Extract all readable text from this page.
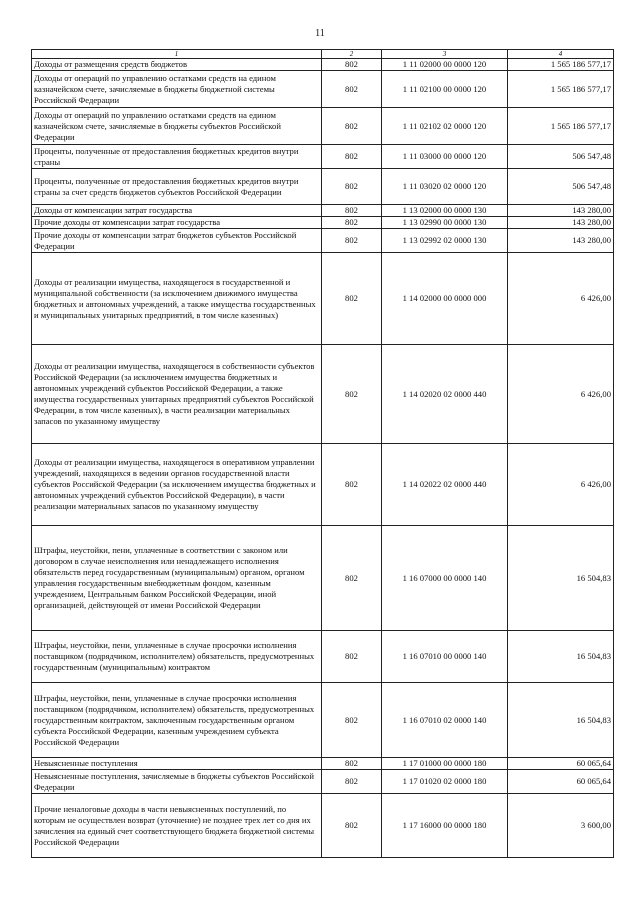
11
1	2	3	4
Доходы от размещения средств бюджетов	802	1 11 02000 00 0000 120	1 565 186 577,17
Доходы от операций по управлению остатками средств на едином казначейском счете, зачисляемые в бюджеты бюджетной системы Российской Федерации	802	1 11 02100 00 0000 120	1 565 186 577,17
Доходы от операций по управлению остатками средств на едином казначейском счете, зачисляемые в бюджеты субъектов Российской Федерации	802	1 11 02102 02 0000 120	1 565 186 577,17
Проценты, полученные от предоставления бюджетных кредитов внутри страны	802	1 11 03000 00 0000 120	506 547,48
Проценты, полученные от предоставления бюджетных кредитов внутри страны за счет средств бюджетов субъектов Российской Федерации	802	1 11 03020 02 0000 120	506 547,48
Доходы от компенсации затрат государства	802	1 13 02000 00 0000 130	143 280,00
Прочие доходы от компенсации затрат государства	802	1 13 02990 00 0000 130	143 280,00
Прочие доходы от компенсации затрат бюджетов субъектов Российской Федерации	802	1 13 02992 02 0000 130	143 280,00
Доходы от реализации имущества, находящегося в государственной и муниципальной собственности (за исключением движимого имущества бюджетных и автономных учреждений, а также имущества государственных и муниципальных унитарных предприятий, в том числе казенных)	802	1 14 02000 00 0000 000	6 426,00
Доходы от реализации имущества, находящегося в собственности субъектов Российской Федерации (за исключением имущества бюджетных и автономных учреждений субъектов Российской Федерации, а также имущества государственных унитарных предприятий субъектов Российской Федерации, в том числе казенных), в части реализации материальных запасов по указанному имуществу	802	1 14 02020 02 0000 440	6 426,00
Доходы от реализации имущества, находящегося в оперативном управлении учреждений, находящихся в ведении органов государственной власти субъектов Российской Федерации (за исключением имущества бюджетных и автономных учреждений субъектов Российской Федерации), в части реализации материальных запасов по указанному имуществу	802	1 14 02022 02 0000 440	6 426,00
Штрафы, неустойки, пени, уплаченные в соответствии с законом или договором в случае неисполнения или ненадлежащего исполнения обязательств перед государственным (муниципальным) органом, органом управления государственным внебюджетным фондом, казенным учреждением, Центральным банком Российской Федерации, иной организацией, действующей от имени Российской Федерации	802	1 16 07000 00 0000 140	16 504,83
Штрафы, неустойки, пени, уплаченные в случае просрочки исполнения поставщиком (подрядчиком, исполнителем) обязательств, предусмотренных государственным (муниципальным) контрактом	802	1 16 07010 00 0000 140	16 504,83
Штрафы, неустойки, пени, уплаченные в случае просрочки исполнения поставщиком (подрядчиком, исполнителем) обязательств, предусмотренных государственным контрактом, заключенным государственным органом субъекта Российской Федерации, казенным учреждением субъекта Российской Федерации	802	1 16 07010 02 0000 140	16 504,83
Невыясненные поступления	802	1 17 01000 00 0000 180	60 065,64
Невыясненные поступления, зачисляемые в бюджеты субъектов Российской Федерации	802	1 17 01020 02 0000 180	60 065,64
Прочие неналоговые доходы в части невыясненных поступлений, по которым не осуществлен возврат (уточнение) не позднее трех лет со дня их зачисления на единый счет соответствующего бюджета бюджетной системы Российской Федерации	802	1 17 16000 00 0000 180	3 600,00
